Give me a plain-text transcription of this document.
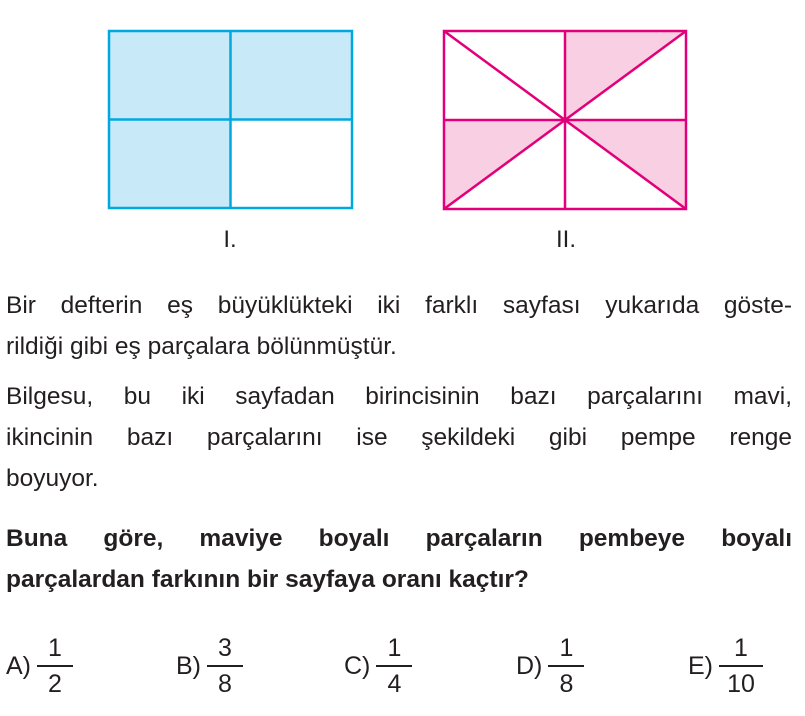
I.	II.

Bir defterin eş büyüklükteki iki farklı sayfası yukarıda göste-
rildiği gibi eş parçalara bölünmüştür.

Bilgesu, bu iki sayfadan birincisinin bazı parçalarını mavi,
ikincinin bazı parçalarını ise şekildeki gibi pempe renge
boyuyor.

Buna göre, maviye boyalı parçaların pembeye boyalı
parçalardan farkının bir sayfaya oranı kaçtır?

$A) \frac{1}{2}$	$B) \frac{3}{8}$	$C) \frac{1}{4}$	$D) \frac{1}{8}$	$E) \frac{1}{10}$
